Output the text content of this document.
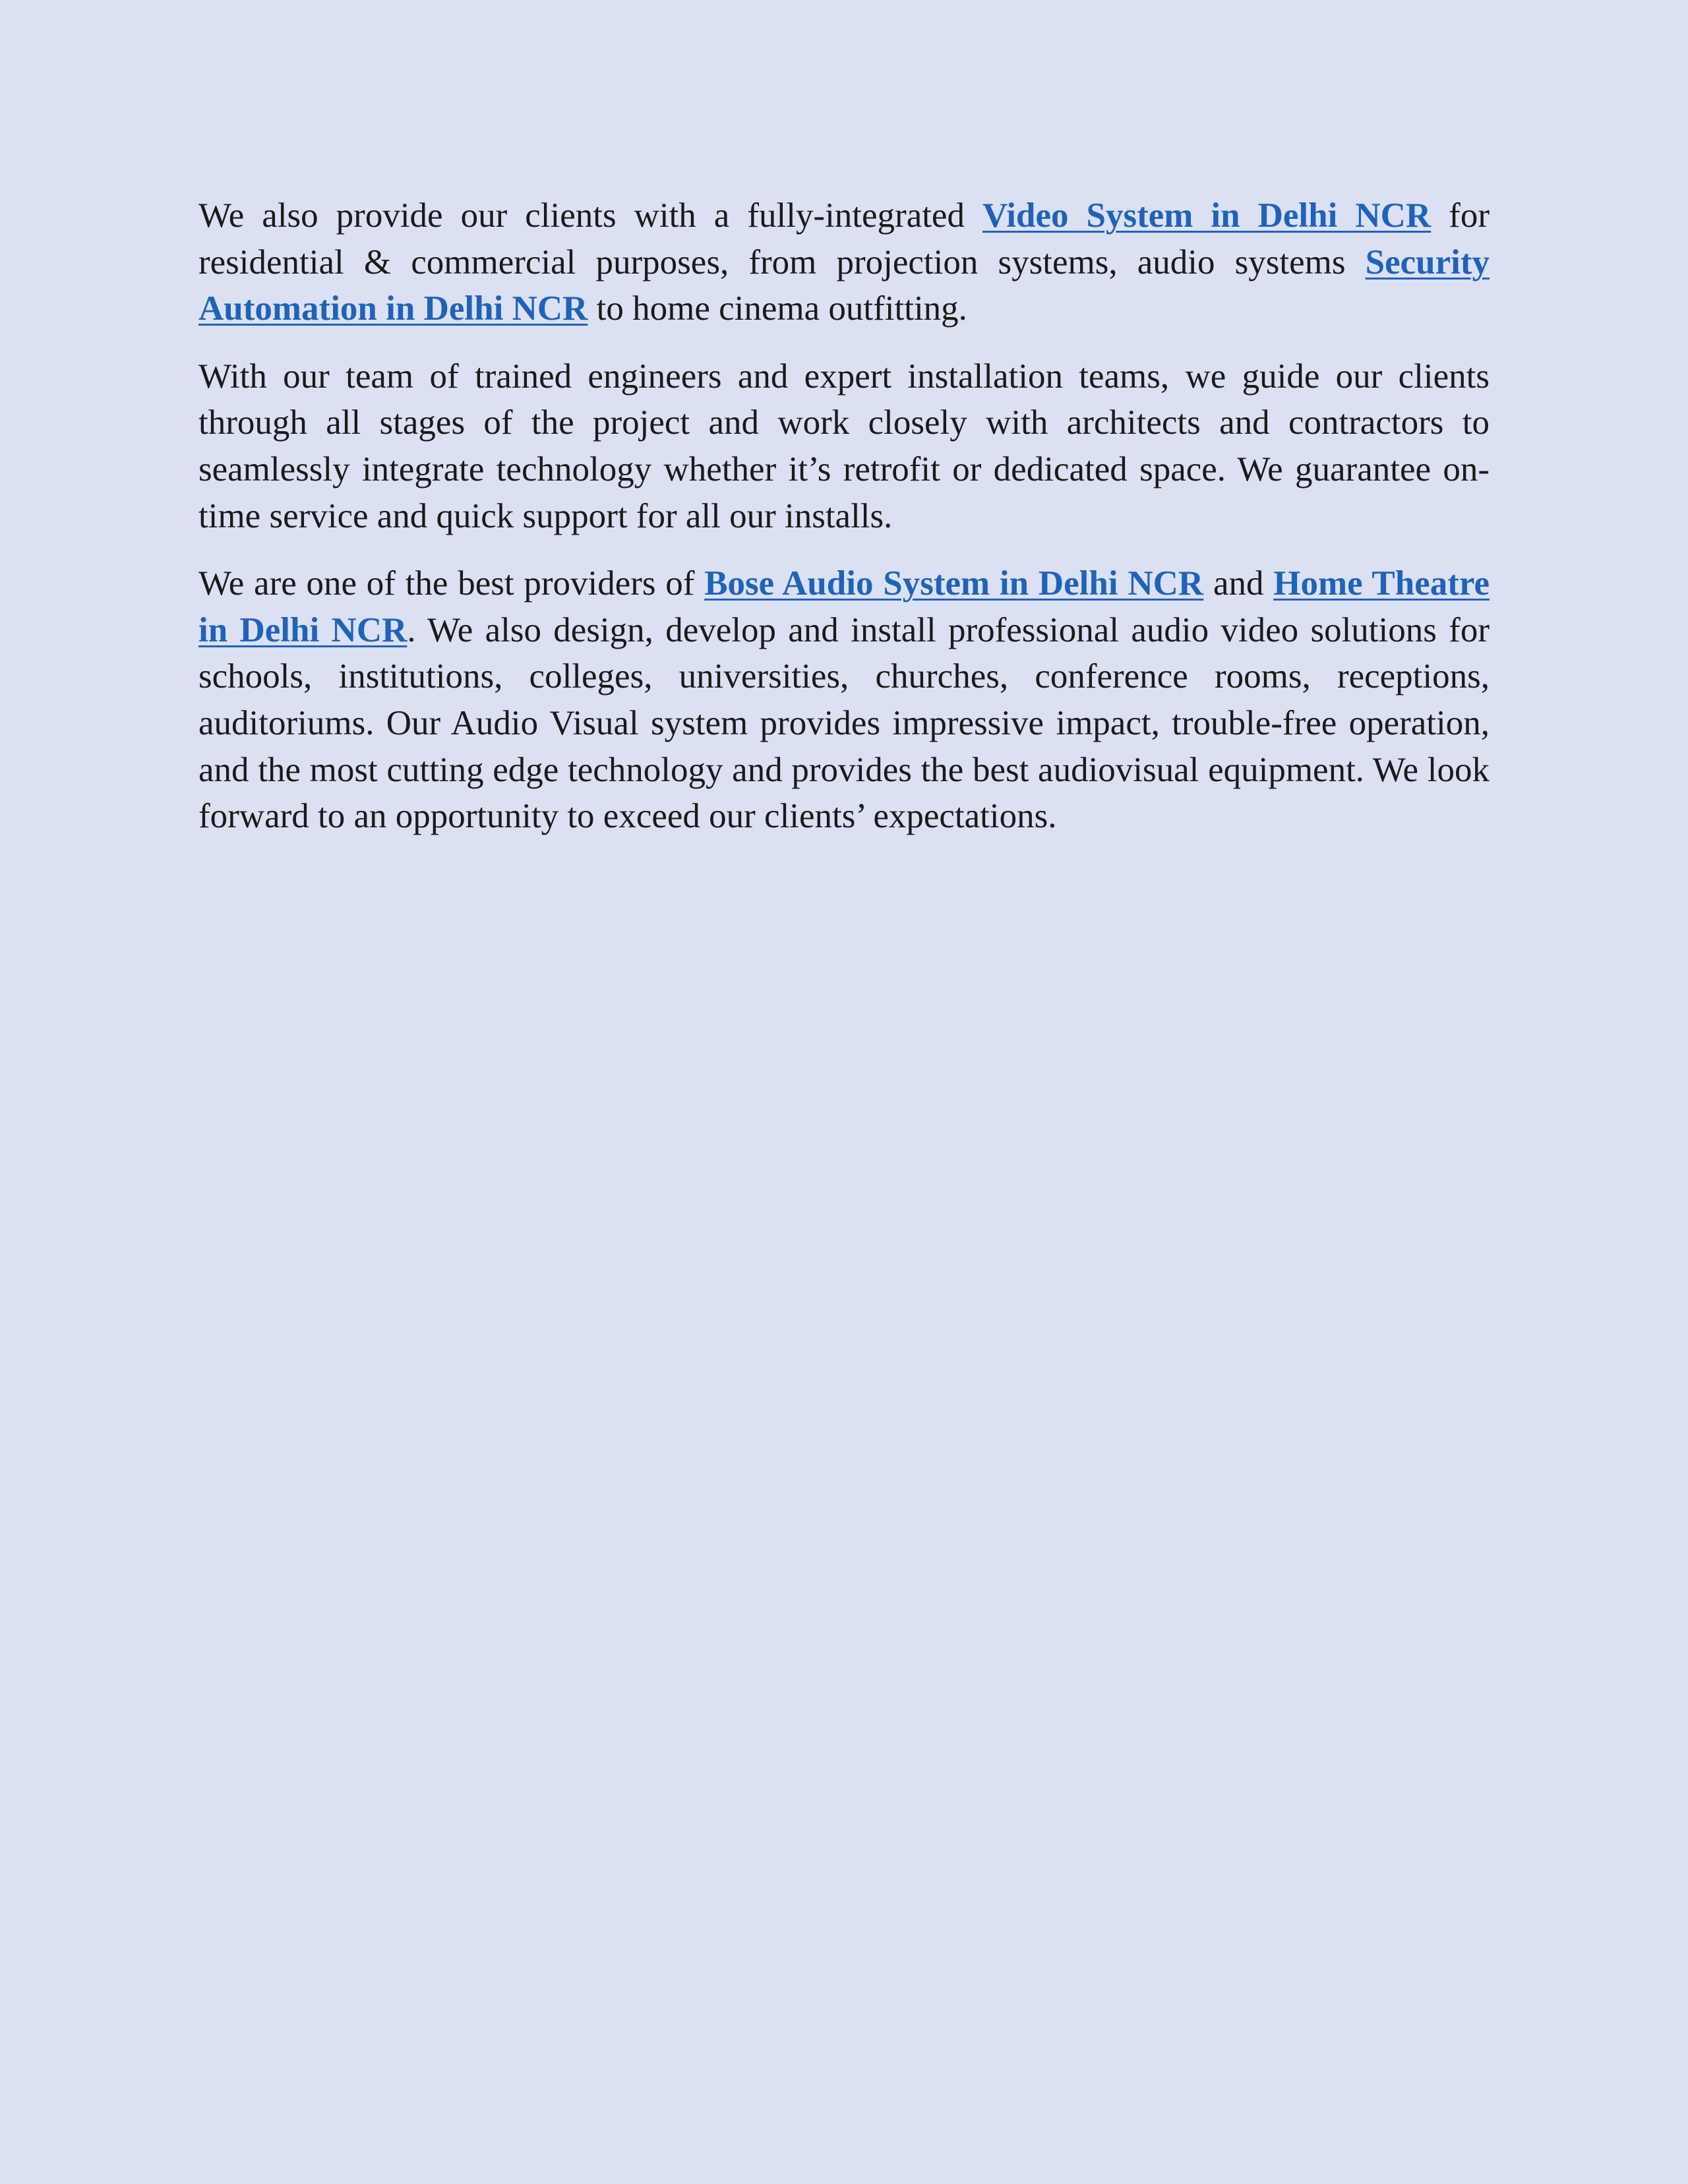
We also provide our clients with a fully-integrated Video System in Delhi NCR for residential & commercial purposes, from projection systems, audio systems Security Automation in Delhi NCR to home cinema outfitting.

With our team of trained engineers and expert installation teams, we guide our clients through all stages of the project and work closely with architects and contractors to seamlessly integrate technology whether it’s retrofit or dedicated space. We guarantee on-time service and quick support for all our installs.

We are one of the best providers of Bose Audio System in Delhi NCR and Home Theatre in Delhi NCR. We also design, develop and install professional audio video solutions for schools, institutions, colleges, universities, churches, conference rooms, receptions, auditoriums. Our Audio Visual system provides impressive impact, trouble-free operation, and the most cutting edge technology and provides the best audiovisual equipment. We look forward to an opportunity to exceed our clients’ expectations.
